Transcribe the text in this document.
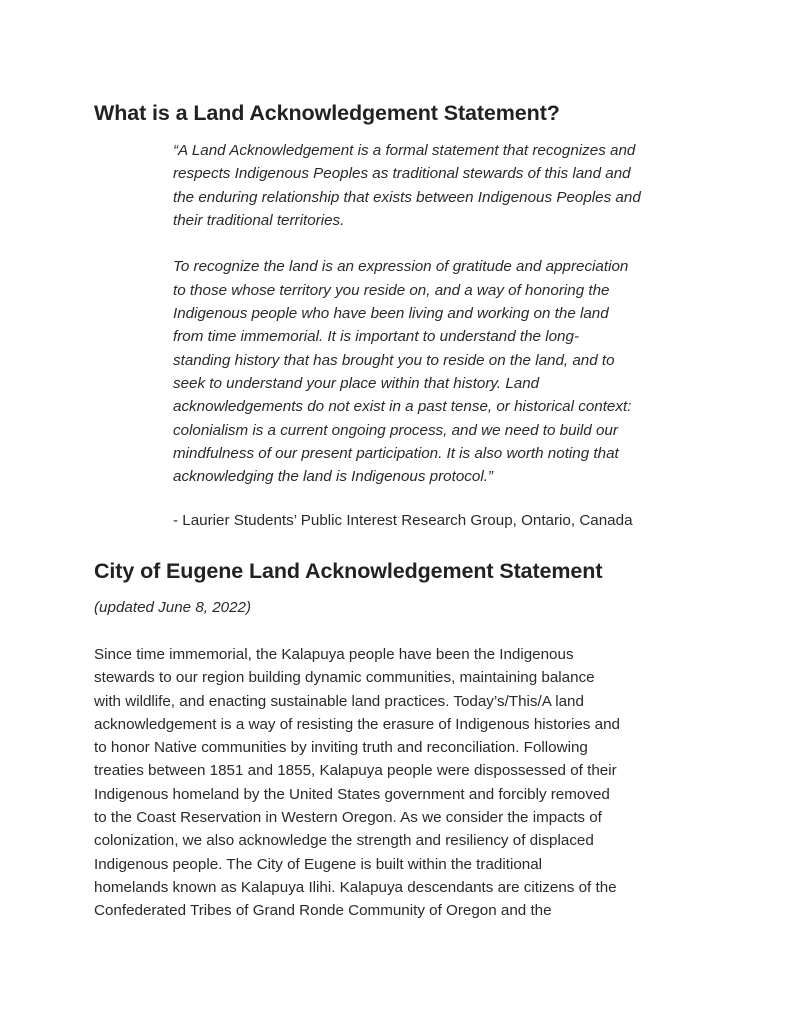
What is a Land Acknowledgement Statement?

“A Land Acknowledgement is a formal statement that recognizes and
respects Indigenous Peoples as traditional stewards of this land and
the enduring relationship that exists between Indigenous Peoples and
their traditional territories.

To recognize the land is an expression of gratitude and appreciation
to those whose territory you reside on, and a way of honoring the
Indigenous people who have been living and working on the land
from time immemorial. It is important to understand the long-
standing history that has brought you to reside on the land, and to
seek to understand your place within that history. Land
acknowledgements do not exist in a past tense, or historical context:
colonialism is a current ongoing process, and we need to build our
mindfulness of our present participation. It is also worth noting that
acknowledging the land is Indigenous protocol.”

- Laurier Students’ Public Interest Research Group, Ontario, Canada
City of Eugene Land Acknowledgement Statement
(updated June 8, 2022)

Since time immemorial, the Kalapuya people have been the Indigenous
stewards to our region building dynamic communities, maintaining balance
with wildlife, and enacting sustainable land practices. Today’s/This/A land
acknowledgement is a way of resisting the erasure of Indigenous histories and
to honor Native communities by inviting truth and reconciliation. Following
treaties between 1851 and 1855, Kalapuya people were dispossessed of their
Indigenous homeland by the United States government and forcibly removed
to the Coast Reservation in Western Oregon. As we consider the impacts of
colonization, we also acknowledge the strength and resiliency of displaced
Indigenous people. The City of Eugene is built within the traditional
homelands known as Kalapuya Ilihi. Kalapuya descendants are citizens of the
Confederated Tribes of Grand Ronde Community of Oregon and the
